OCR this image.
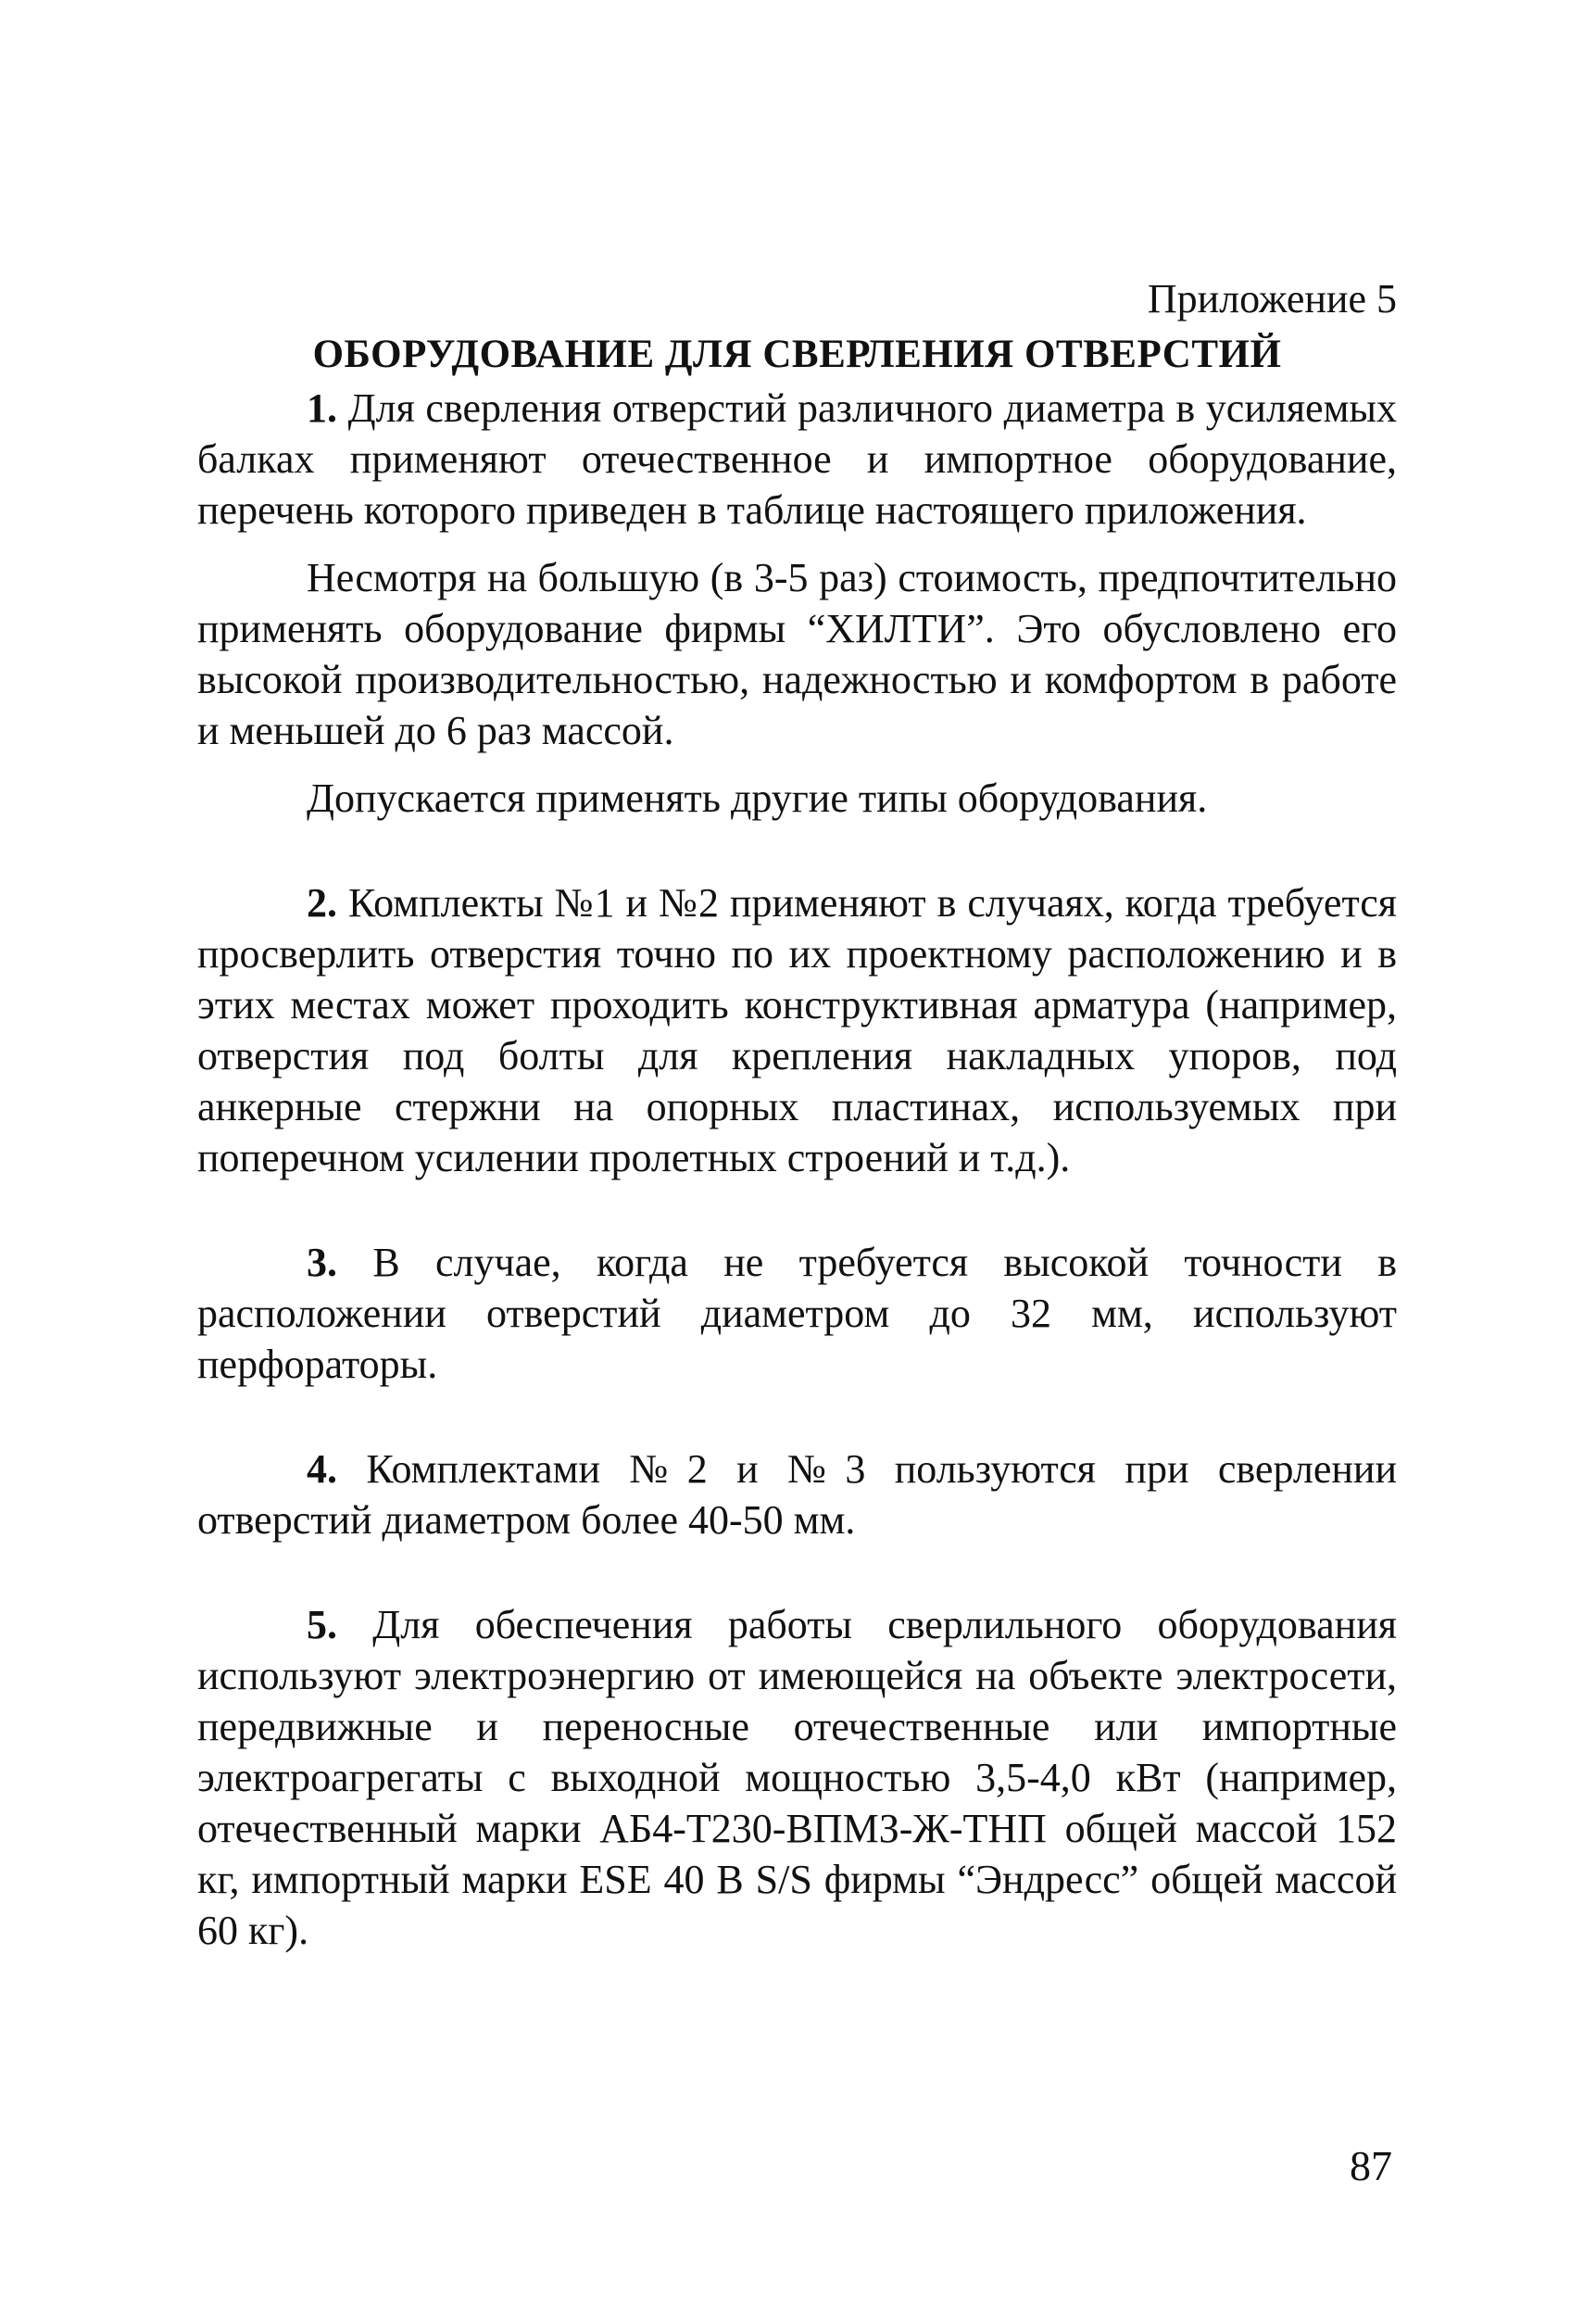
Приложение 5

ОБОРУДОВАНИЕ ДЛЯ СВЕРЛЕНИЯ ОТВЕРСТИЙ

1. Для сверления отверстий различного диаметра в усиляемых балках применяют отечественное и импортное оборудование, перечень которого приведен в таблице настоящего приложения.

Несмотря на большую (в 3-5 раз) стоимость, предпочтительно применять оборудование фирмы “ХИЛТИ”. Это обусловлено его высокой производительностью, надежностью и комфортом в работе и меньшей до 6 раз массой.

Допускается применять другие типы оборудования.

2. Комплекты №1 и №2 применяют в случаях, когда требуется просверлить отверстия точно по их проектному расположению и в этих местах может проходить конструктивная арматура (например, отверстия под болты для крепления накладных упоров, под анкерные стержни на опорных пластинах, используемых при поперечном усилении пролетных строений и т.д.).

3. В случае, когда не требуется высокой точности в расположении отверстий диаметром до 32 мм, используют перфораторы.

4. Комплектами №2 и №3 пользуются при сверлении отверстий диаметром более 40-50 мм.

5. Для обеспечения работы сверлильного оборудования используют электроэнергию от имеющейся на объекте электросети, передвижные и переносные отечественные или импортные электроагрегаты с выходной мощностью 3,5-4,0 кВт (например, отечественный марки АБ4-Т230-ВПМЗ-Ж-ТНП общей массой 152 кг, импортный марки ESE 40 B S/S фирмы “Эндресс” общей массой 60 кг).

87
